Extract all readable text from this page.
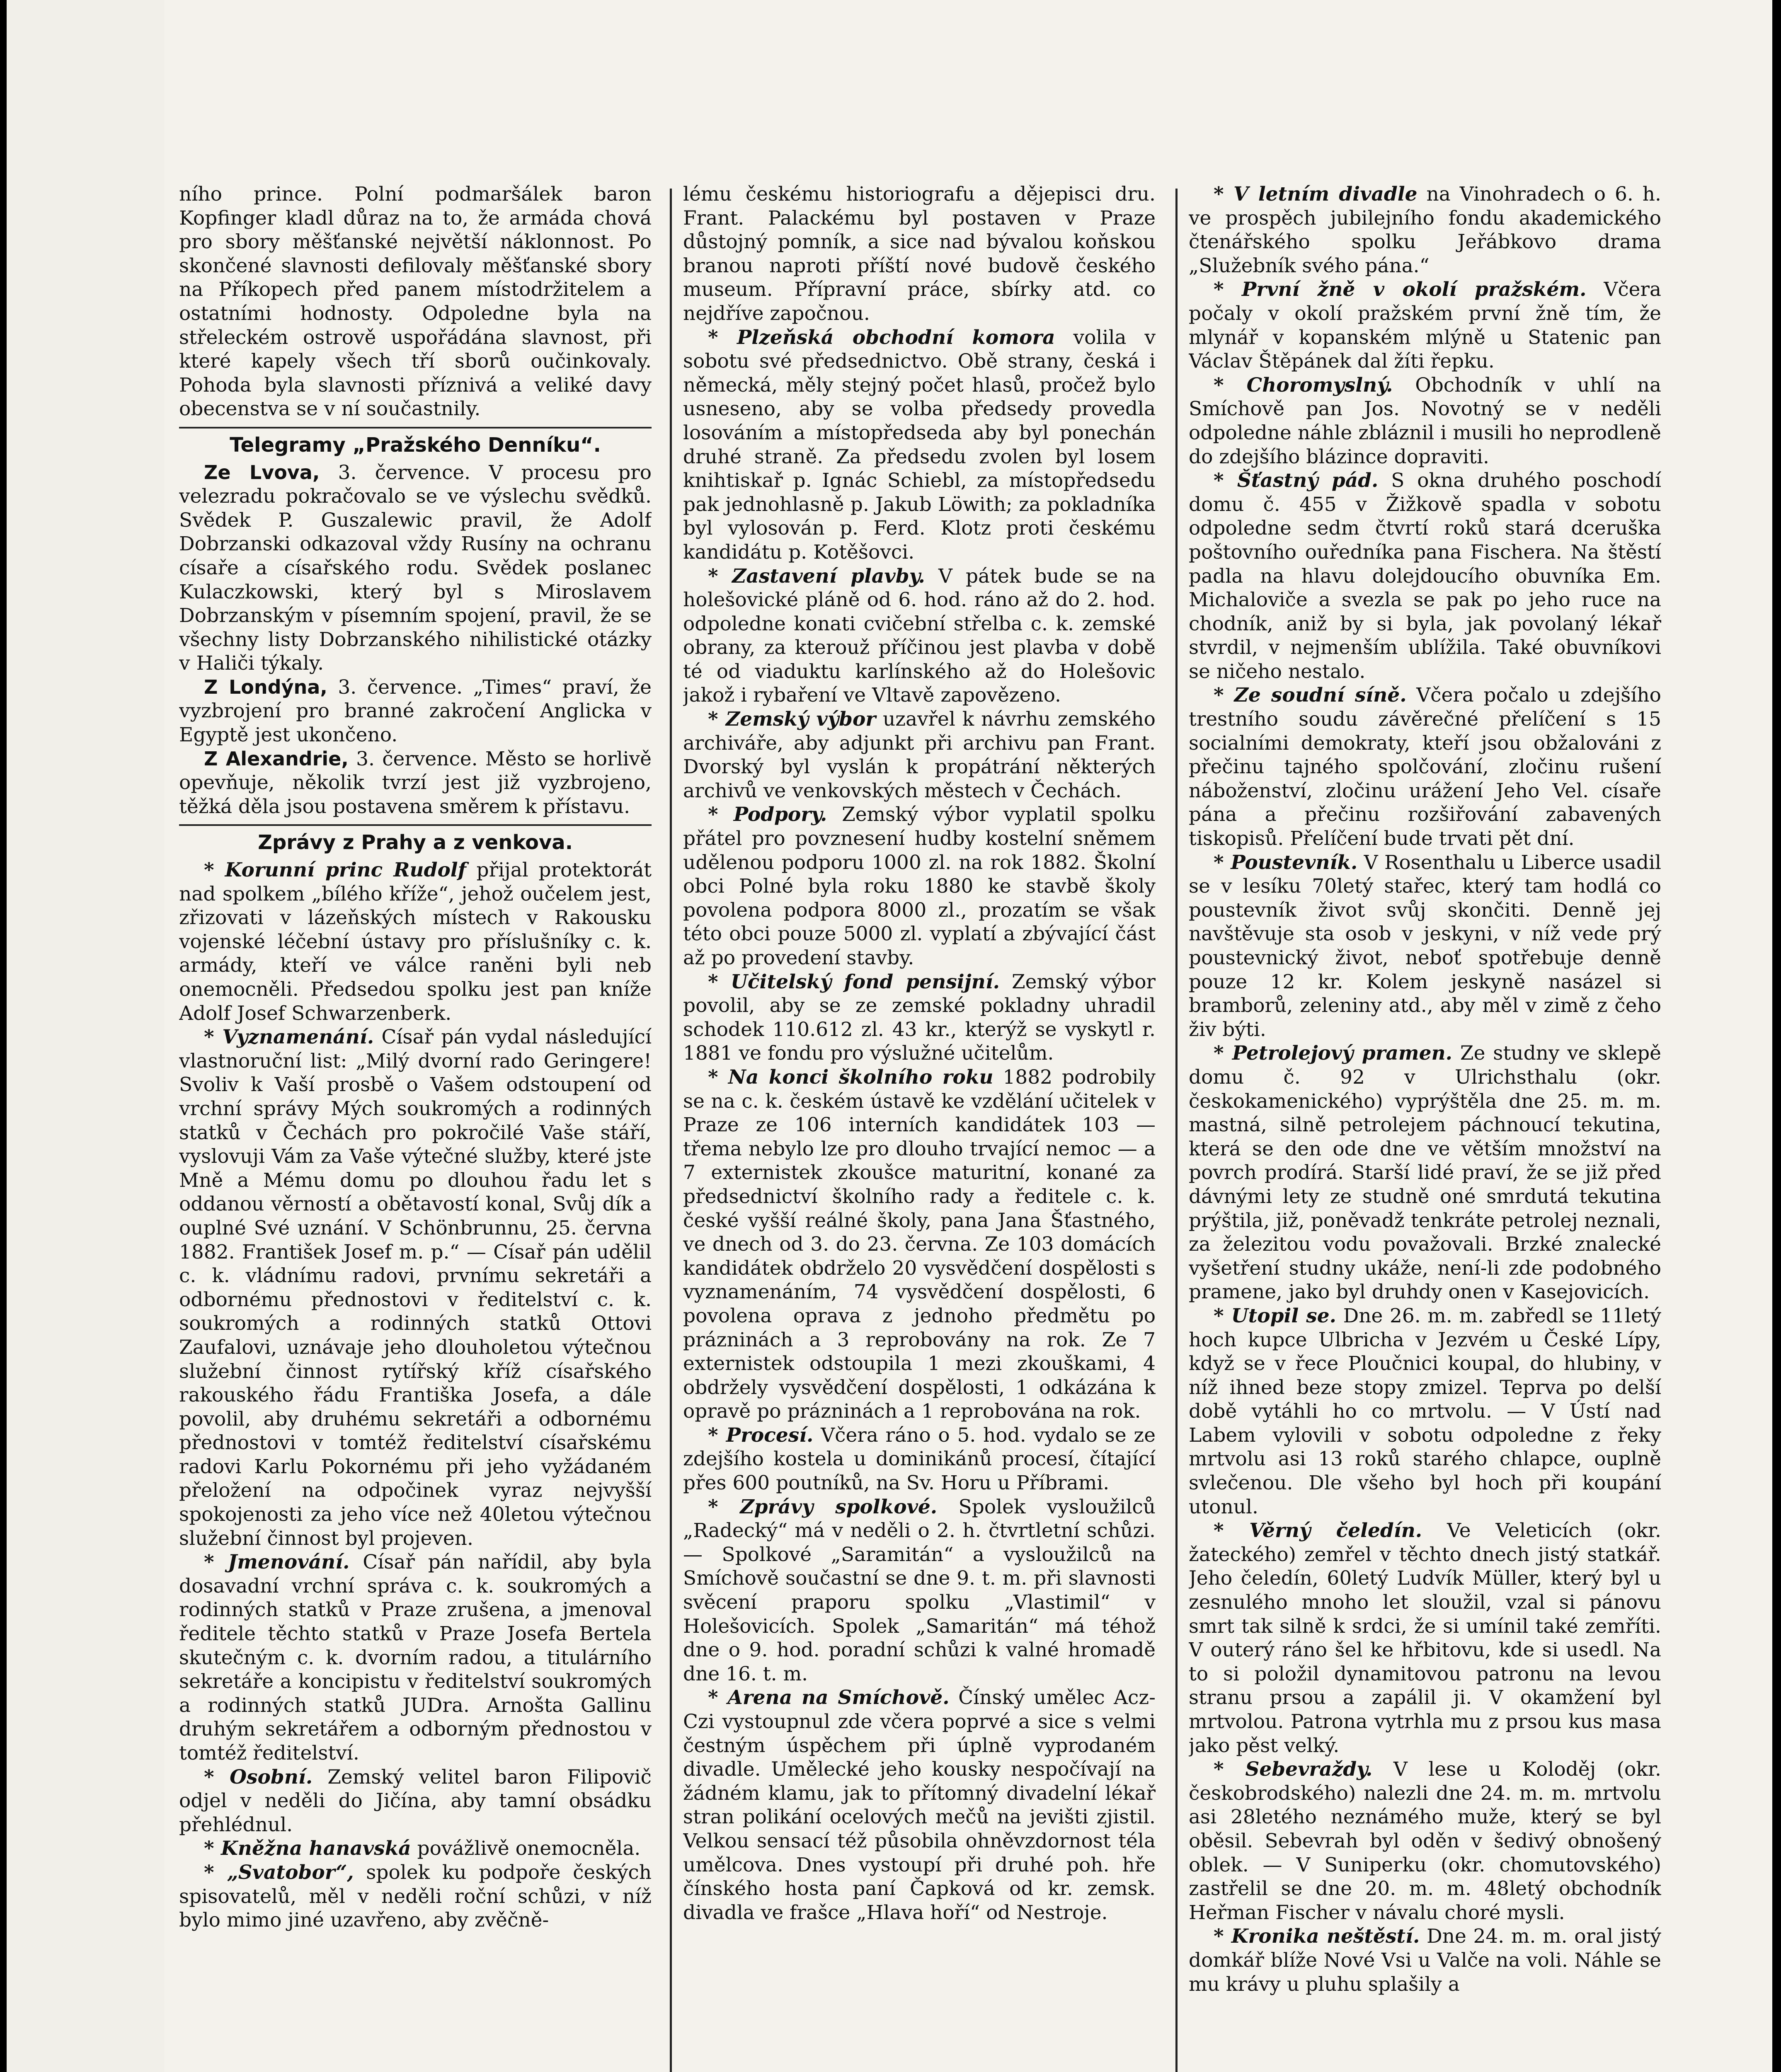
ního prince. Polní podmaršálek baron Kopfinger kladl důraz na to, že armáda chová pro sbory měšťanské největší náklonnost. Po skončené slavnosti defilovaly měšťanské sbory na Příkopech před panem místodržitelem a ostatními hodnosty. Odpoledne byla na střeleckém ostrově uspořádána slavnost, při které kapely všech tří sborů oučinkovaly. Pohoda byla slavnosti příznivá a veliké davy obecenstva se v ní součastnily.

Telegramy „Pražského Denníku“.

Ze Lvova, 3. července. V procesu pro velezradu pokračovalo se ve výslechu svědků. Svědek P. Guszalewic pravil, že Adolf Dobrzanski odkazoval vždy Rusíny na ochranu císaře a císařského rodu. Svědek poslanec Kulaczkowski, který byl s Miroslavem Dobrzanským v písemním spojení, pravil, že se všechny listy Dobrzanského nihilistické otázky v Haliči týkaly.

Z Londýna, 3. července. „Times“ praví, že vyzbrojení pro branné zakročení Anglicka v Egyptě jest ukončeno.

Z Alexandrie, 3. července. Město se horlivě opevňuje, několik tvrzí jest již vyzbrojeno, těžká děla jsou postavena směrem k přístavu.

Zprávy z Prahy a z venkova.

* Korunní princ Rudolf přijal protektorát nad spolkem „bílého kříže“, jehož oučelem jest, zřizovati v lázeňských místech v Rakousku vojenské léčební ústavy pro příslušníky c. k. armády, kteří ve válce raněni byli neb onemocněli. Předsedou spolku jest pan kníže Adolf Josef Schwarzenberk.

* Vyznamenání. Císař pán vydal následující vlastnoruční list: „Milý dvorní rado Geringere! Svoliv k Vaší prosbě o Vašem odstoupení od vrchní správy Mých soukromých a rodinných statků v Čechách pro pokročilé Vaše stáří, vyslovuji Vám za Vaše výtečné služby, které jste Mně a Mému domu po dlouhou řadu let s oddanou věrností a obětavostí konal, Svůj dík a ouplné Své uznání. V Schönbrunnu, 25. června 1882. František Josef m. p.“ — Císař pán udělil c. k. vládnímu radovi, prvnímu sekretáři a odbornému přednostovi v ředitelství c. k. soukromých a rodinných statků Ottovi Zaufalovi, uznávaje jeho dlouholetou výtečnou služební činnost rytířský kříž císařského rakouského řádu Františka Josefa, a dále povolil, aby druhému sekretáři a odbornému přednostovi v tomtéž ředitelství císařskému radovi Karlu Pokornému při jeho vyžádaném přeložení na odpočinek vyraz nejvyšší spokojenosti za jeho více než 40letou výtečnou služební činnost byl projeven.

* Jmenování. Císař pán nařídil, aby byla dosavadní vrchní správa c. k. soukromých a rodinných statků v Praze zrušena, a jmenoval ředitele těchto statků v Praze Josefa Bertela skutečným c. k. dvorním radou, a titulárního sekretáře a koncipistu v ředitelství soukromých a rodinných statků JUDra. Arnošta Gallinu druhým sekretářem a odborným přednostou v tomtéž ředitelství.

* Osobní. Zemský velitel baron Filipovič odjel v neděli do Jičína, aby tamní obsádku přehlédnul.

* Kněžna hanavská povážlivě onemocněla.

* „Svatobor“, spolek ku podpoře českých spisovatelů, měl v neděli roční schůzi, v níž bylo mimo jiné uzavřeno, aby zvěčně-

lému českému historiografu a dějepisci dru. Frant. Palackému byl postaven v Praze důstojný pomník, a sice nad bývalou koňskou branou naproti příští nové budově českého museum. Přípravní práce, sbírky atd. co nejdříve započnou.

* Plzeňská obchodní komora volila v sobotu své předsednictvo. Obě strany, česká i německá, měly stejný počet hlasů, pročež bylo usneseno, aby se volba předsedy provedla losováním a místopředseda aby byl ponechán druhé straně. Za předsedu zvolen byl losem knihtiskař p. Ignác Schiebl, za místopředsedu pak jednohlasně p. Jakub Löwith; za pokladníka byl vylosován p. Ferd. Klotz proti českému kandidátu p. Kotěšovci.

* Zastavení plavby. V pátek bude se na holešovické pláně od 6. hod. ráno až do 2. hod. odpoledne konati cvičební střelba c. k. zemské obrany, za kterouž příčinou jest plavba v době té od viaduktu karlínského až do Holešovic jakož i rybaření ve Vltavě zapovězeno.

* Zemský výbor uzavřel k návrhu zemského archiváře, aby adjunkt při archivu pan Frant. Dvorský byl vyslán k propátrání některých archivů ve venkovských městech v Čechách.

* Podpory. Zemský výbor vyplatil spolku přátel pro povznesení hudby kostelní sněmem udělenou podporu 1000 zl. na rok 1882. Školní obci Polné byla roku 1880 ke stavbě školy povolena podpora 8000 zl., prozatím se však této obci pouze 5000 zl. vyplatí a zbývající část až po provedení stavby.

* Učitelský fond pensijní. Zemský výbor povolil, aby se ze zemské pokladny uhradil schodek 110.612 zl. 43 kr., kterýž se vyskytl r. 1881 ve fondu pro výslužné učitelům.

* Na konci školního roku 1882 podrobily se na c. k. českém ústavě ke vzdělání učitelek v Praze ze 106 interních kandidátek 103 — třema nebylo lze pro dlouho trvající nemoc — a 7 externistek zkoušce maturitní, konané za předsednictví školního rady a ředitele c. k. české vyšší reálné školy, pana Jana Šťastného, ve dnech od 3. do 23. června. Ze 103 domácích kandidátek obdrželo 20 vysvědčení dospělosti s vyznamenáním, 74 vysvědčení dospělosti, 6 povolena oprava z jednoho předmětu po prázninách a 3 reprobovány na rok. Ze 7 externistek odstoupila 1 mezi zkouškami, 4 obdržely vysvědčení dospělosti, 1 odkázána k opravě po prázninách a 1 reprobována na rok.

* Procesí. Včera ráno o 5. hod. vydalo se ze zdejšího kostela u dominikánů procesí, čítající přes 600 poutníků, na Sv. Horu u Příbrami.

* Zprávy spolkové. Spolek vysloužilců „Radecký“ má v neděli o 2. h. čtvrtletní schůzi. — Spolkové „Saramitán“ a vysloužilců na Smíchově součastní se dne 9. t. m. při slavnosti svěcení praporu spolku „Vlastimil“ v Holešovicích. Spolek „Samaritán“ má téhož dne o 9. hod. poradní schůzi k valné hromadě dne 16. t. m.

* Arena na Smíchově. Čínský umělec Acz-Czi vystoupnul zde včera poprvé a sice s velmi čestným úspěchem při úplně vyprodaném divadle. Umělecké jeho kousky nespočívají na žádném klamu, jak to přítomný divadelní lékař stran polikání ocelových mečů na jevišti zjistil. Velkou sensací též působila ohněvzdornost téla umělcova. Dnes vystoupí při druhé poh. hře čínského hosta paní Čapková od kr. zemsk. divadla ve frašce „Hlava hoří“ od Nestroje.

* V letním divadle na Vinohradech o 6. h. ve prospěch jubilejního fondu akademického čtenářského spolku Jeřábkovo drama „Služebník svého pána.“

* První žně v okolí pražském. Včera počaly v okolí pražském první žně tím, že mlynář v kopanském mlýně u Statenic pan Václav Štěpánek dal žíti řepku.

* Choromyslný. Obchodník v uhlí na Smíchově pan Jos. Novotný se v neděli odpoledne náhle zbláznil i musili ho neprodleně do zdejšího blázince dopraviti.

* Šťastný pád. S okna druhého poschodí domu č. 455 v Žižkově spadla v sobotu odpoledne sedm čtvrtí roků stará dceruška poštovního ouředníka pana Fischera. Na štěstí padla na hlavu dolejdoucího obuvníka Em. Michaloviče a svezla se pak po jeho ruce na chodník, aniž by si byla, jak povolaný lékař stvrdil, v nejmenším ublížila. Také obuvníkovi se ničeho nestalo.

* Ze soudní síně. Včera počalo u zdejšího trestního soudu závěrečné přelíčení s 15 socialními demokraty, kteří jsou obžalováni z přečinu tajného spolčování, zločinu rušení náboženství, zločinu urážení Jeho Vel. císaře pána a přečinu rozšiřování zabavených tiskopisů. Přelíčení bude trvati pět dní.

* Poustevník. V Rosenthalu u Liberce usadil se v lesíku 70letý stařec, který tam hodlá co poustevník život svůj skončiti. Denně jej navštěvuje sta osob v jeskyni, v níž vede prý poustevnický život, neboť spotřebuje denně pouze 12 kr. Kolem jeskyně nasázel si bramborů, zeleniny atd., aby měl v zimě z čeho živ býti.

* Petrolejový pramen. Ze studny ve sklepě domu č. 92 v Ulrichsthalu (okr. českokamenického) vyprýštěla dne 25. m. m. mastná, silně petrolejem páchnoucí tekutina, která se den ode dne ve větším množství na povrch prodírá. Starší lidé praví, že se již před dávnými lety ze studně oné smrdutá tekutina prýštila, již, poněvadž tenkráte petrolej neznali, za železitou vodu považovali. Brzké znalecké vyšetření studny ukáže, není-li zde podobného pramene, jako byl druhdy onen v Kasejovicích.

* Utopil se. Dne 26. m. m. zabředl se 11letý hoch kupce Ulbricha v Jezvém u České Lípy, když se v řece Ploučnici koupal, do hlubiny, v níž ihned beze stopy zmizel. Teprva po delší době vytáhli ho co mrtvolu. — V Ústí nad Labem vylovili v sobotu odpoledne z řeky mrtvolu asi 13 roků starého chlapce, ouplně svlečenou. Dle všeho byl hoch při koupání utonul.

* Věrný čeledín. Ve Veleticích (okr. žateckého) zemřel v těchto dnech jistý statkář. Jeho čeledín, 60letý Ludvík Müller, který byl u zesnulého mnoho let sloužil, vzal si pánovu smrt tak silně k srdci, že si umínil také zemříti. V outerý ráno šel ke hřbitovu, kde si usedl. Na to si položil dynamitovou patronu na levou stranu prsou a zapálil ji. V okamžení byl mrtvolou. Patrona vytrhla mu z prsou kus masa jako pěst velký.

* Sebevraždy. V lese u Koloděj (okr. českobrodského) nalezli dne 24. m. m. mrtvolu asi 28letého neznámého muže, který se byl oběsil. Sebevrah byl oděn v šedivý obnošený oblek. — V Suniperku (okr. chomutovského) zastřelil se dne 20. m. m. 48letý obchodník Heřman Fischer v návalu choré mysli.

* Kronika neštěstí. Dne 24. m. m. oral jistý domkář blíže Nové Vsi u Valče na voli. Náhle se mu krávy u pluhu splašily a
